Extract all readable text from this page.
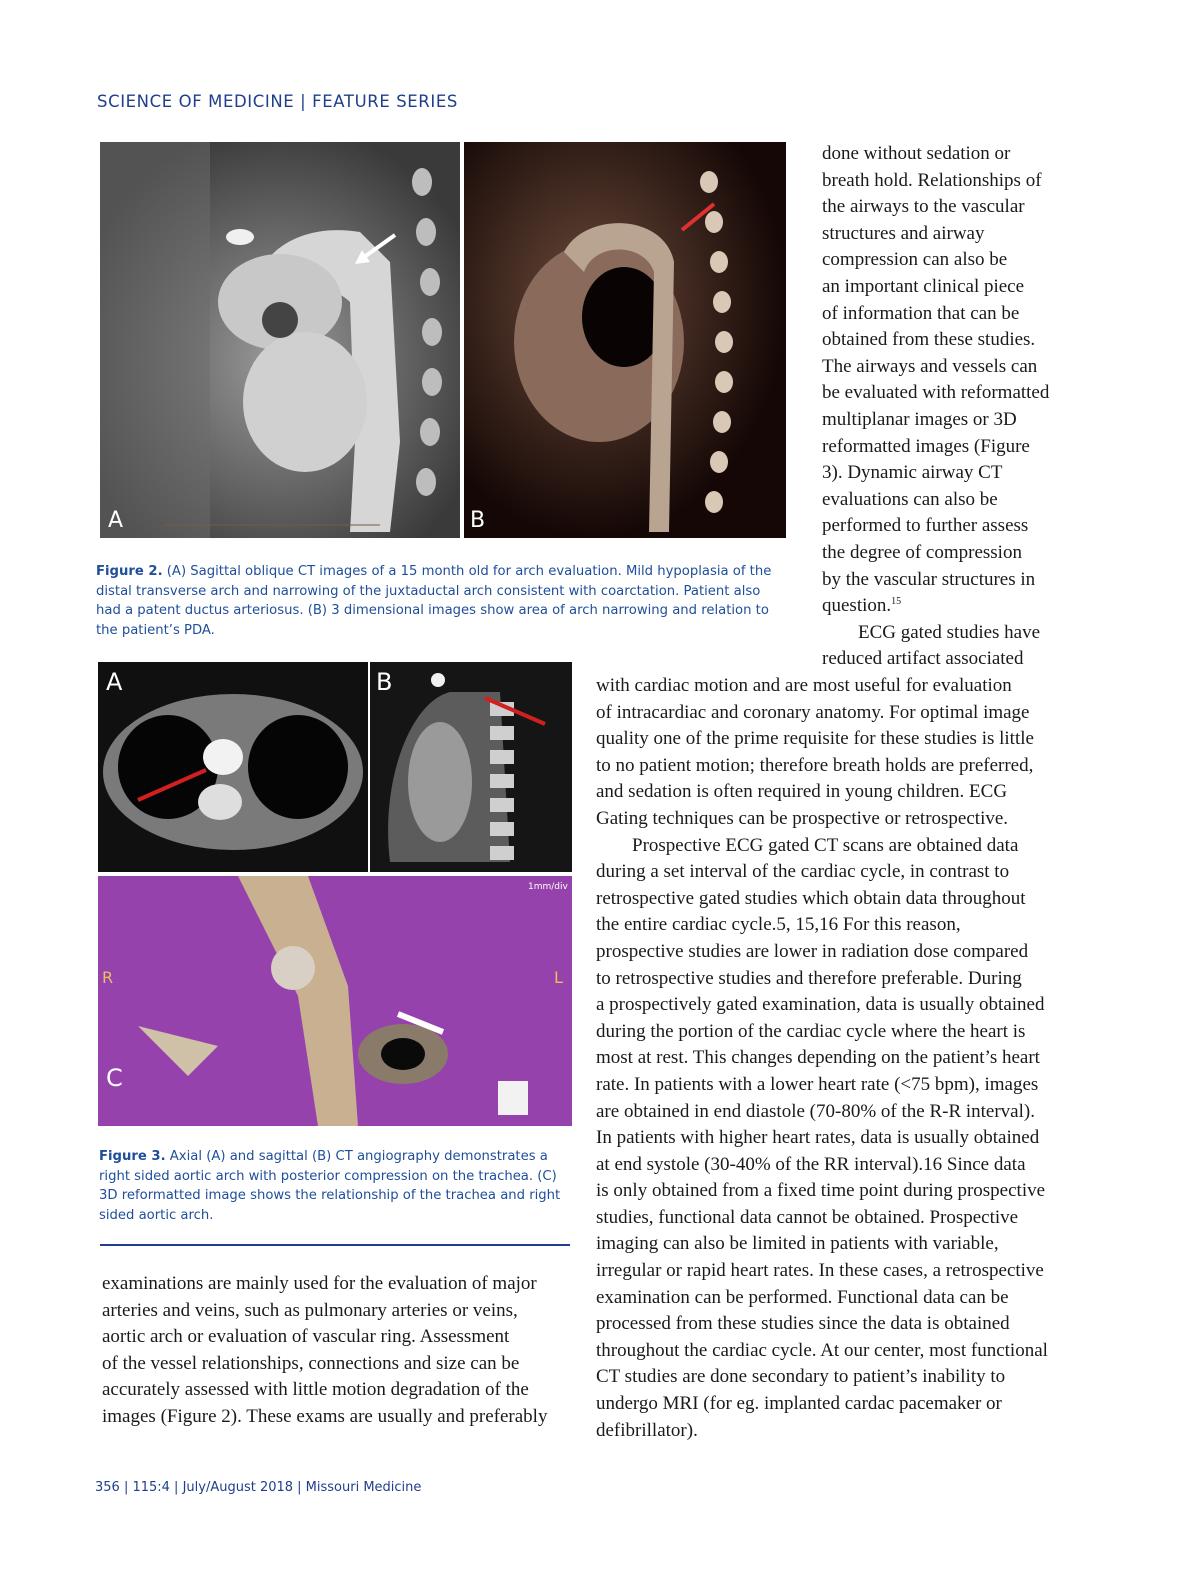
SCIENCE OF MEDICINE | FEATURE SERIES
A	B
Figure 2. (A) Sagittal oblique CT images of a 15 month old for arch evaluation. Mild hypoplasia of the distal transverse arch and narrowing of the juxtaductal arch consistent with coarctation. Patient also had a patent ductus arteriosus. (B) 3 dimensional images show area of arch narrowing and relation to the patient’s PDA.
A	B
R	L
1mm/div
C
Figure 3. Axial (A) and sagittal (B) CT angiography demonstrates a right sided aortic arch with posterior compression on the trachea. (C) 3D reformatted image shows the relationship of the trachea and right sided aortic arch.
done without sedation or
breath hold. Relationships of
the airways to the vascular
structures and airway
compression can also be
an important clinical piece
of information that can be
obtained from these studies.
The airways and vessels can
be evaluated with reformatted
multiplanar images or 3D
reformatted images (Figure
3). Dynamic airway CT
evaluations can also be
performed to further assess
the degree of compression
by the vascular structures in
question.$^{15}$
ECG gated studies have
reduced artifact associated
with cardiac motion and are most useful for evaluation
of intracardiac and coronary anatomy. For optimal image
quality one of the prime requisite for these studies is little
to no patient motion; therefore breath holds are preferred,
and sedation is often required in young children. ECG
Gating techniques can be prospective or retrospective.
Prospective ECG gated CT scans are obtained data
during a set interval of the cardiac cycle, in contrast to
retrospective gated studies which obtain data throughout
the entire cardiac cycle.5, 15,16 For this reason,
prospective studies are lower in radiation dose compared
to retrospective studies and therefore preferable. During
a prospectively gated examination, data is usually obtained
during the portion of the cardiac cycle where the heart is
most at rest. This changes depending on the patient’s heart
rate. In patients with a lower heart rate (<75 bpm), images
are obtained in end diastole (70-80% of the R-R interval).
In patients with higher heart rates, data is usually obtained
at end systole (30-40% of the RR interval).16 Since data
is only obtained from a fixed time point during prospective
studies, functional data cannot be obtained. Prospective
imaging can also be limited in patients with variable,
irregular or rapid heart rates. In these cases, a retrospective
examination can be performed. Functional data can be
processed from these studies since the data is obtained
throughout the cardiac cycle. At our center, most functional
CT studies are done secondary to patient’s inability to
undergo MRI (for eg. implanted cardac pacemaker or
defibrillator).
examinations are mainly used for the evaluation of major
arteries and veins, such as pulmonary arteries or veins,
aortic arch or evaluation of vascular ring. Assessment
of the vessel relationships, connections and size can be
accurately assessed with little motion degradation of the
images (Figure 2). These exams are usually and preferably
356 | 115:4 | July/August 2018 | Missouri Medicine
